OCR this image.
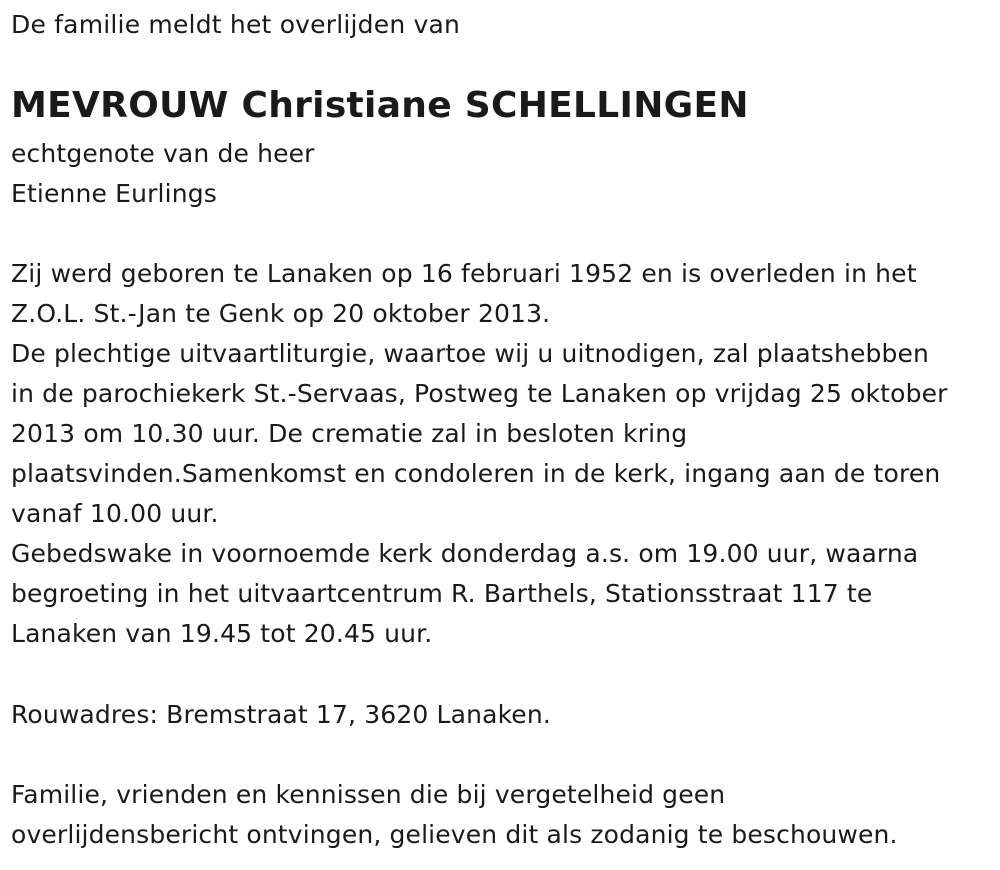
De familie meldt het overlijden van
MEVROUW Christiane SCHELLINGEN
echtgenote van de heer
Etienne Eurlings
Zij werd geboren te Lanaken op 16 februari 1952 en is overleden in het
Z.O.L. St.-Jan te Genk op 20 oktober 2013.
De plechtige uitvaartliturgie, waartoe wij u uitnodigen, zal plaatshebben
in de parochiekerk St.-Servaas, Postweg te Lanaken op vrijdag 25 oktober
2013 om 10.30 uur. De crematie zal in besloten kring
plaatsvinden.Samenkomst en condoleren in de kerk, ingang aan de toren
vanaf 10.00 uur.
Gebedswake in voornoemde kerk donderdag a.s. om 19.00 uur, waarna
begroeting in het uitvaartcentrum R. Barthels, Stationsstraat 117 te
Lanaken van 19.45 tot 20.45 uur.
Rouwadres: Bremstraat 17, 3620 Lanaken.
Familie, vrienden en kennissen die bij vergetelheid geen
overlijdensbericht ontvingen, gelieven dit als zodanig te beschouwen.
